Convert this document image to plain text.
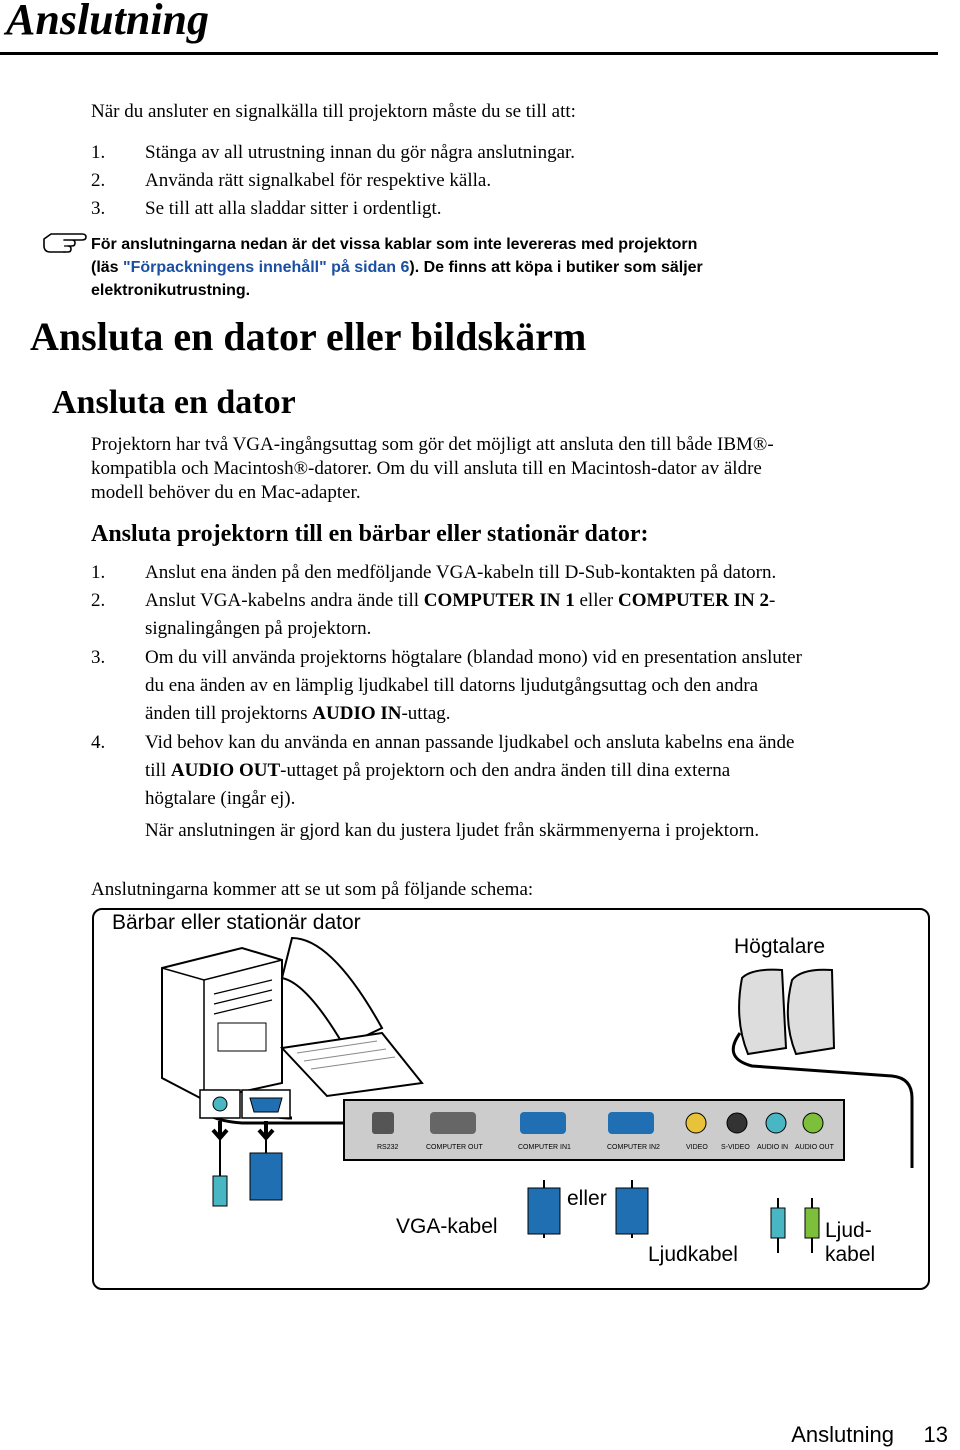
Anslutning
När du ansluter en signalkälla till projektorn måste du se till att:
1. Stänga av all utrustning innan du gör några anslutningar.
2. Använda rätt signalkabel för respektive källa.
3. Se till att alla sladdar sitter i ordentligt.
För anslutningarna nedan är det vissa kablar som inte levereras med projektorn
(läs "Förpackningens innehåll" på sidan 6). De finns att köpa i butiker som säljer
elektronikutrustning.
Ansluta en dator eller bildskärm
Ansluta en dator
Projektorn har två VGA-ingångsuttag som gör det möjligt att ansluta den till både IBM®-
kompatibla och Macintosh®-datorer. Om du vill ansluta till en Macintosh-dator av äldre
modell behöver du en Mac-adapter.
Ansluta projektorn till en bärbar eller stationär dator:
1. Anslut ena änden på den medföljande VGA-kabeln till D-Sub-kontakten på datorn.
2. Anslut VGA-kabelns andra ände till COMPUTER IN 1 eller COMPUTER IN 2-
signalingången på projektorn.
3. Om du vill använda projektorns högtalare (blandad mono) vid en presentation ansluter
du ena änden av en lämplig ljudkabel till datorns ljudutgångsuttag och den andra
änden till projektorns AUDIO IN-uttag.
4. Vid behov kan du använda en annan passande ljudkabel och ansluta kabelns ena ände
till AUDIO OUT-uttaget på projektorn och den andra änden till dina externa
högtalare (ingår ej).
När anslutningen är gjord kan du justera ljudet från skärmmenyerna i projektorn.
Anslutningarna kommer att se ut som på följande schema:
Bärbar eller stationär dator
Högtalare
VGA-kabel
eller
Ljudkabel
Ljud-
kabel
RS232	COMPUTER OUT	COMPUTER IN1	COMPUTER IN2	VIDEO S-VIDEO AUDIO IN AUDIO OUT
Anslutning 13
